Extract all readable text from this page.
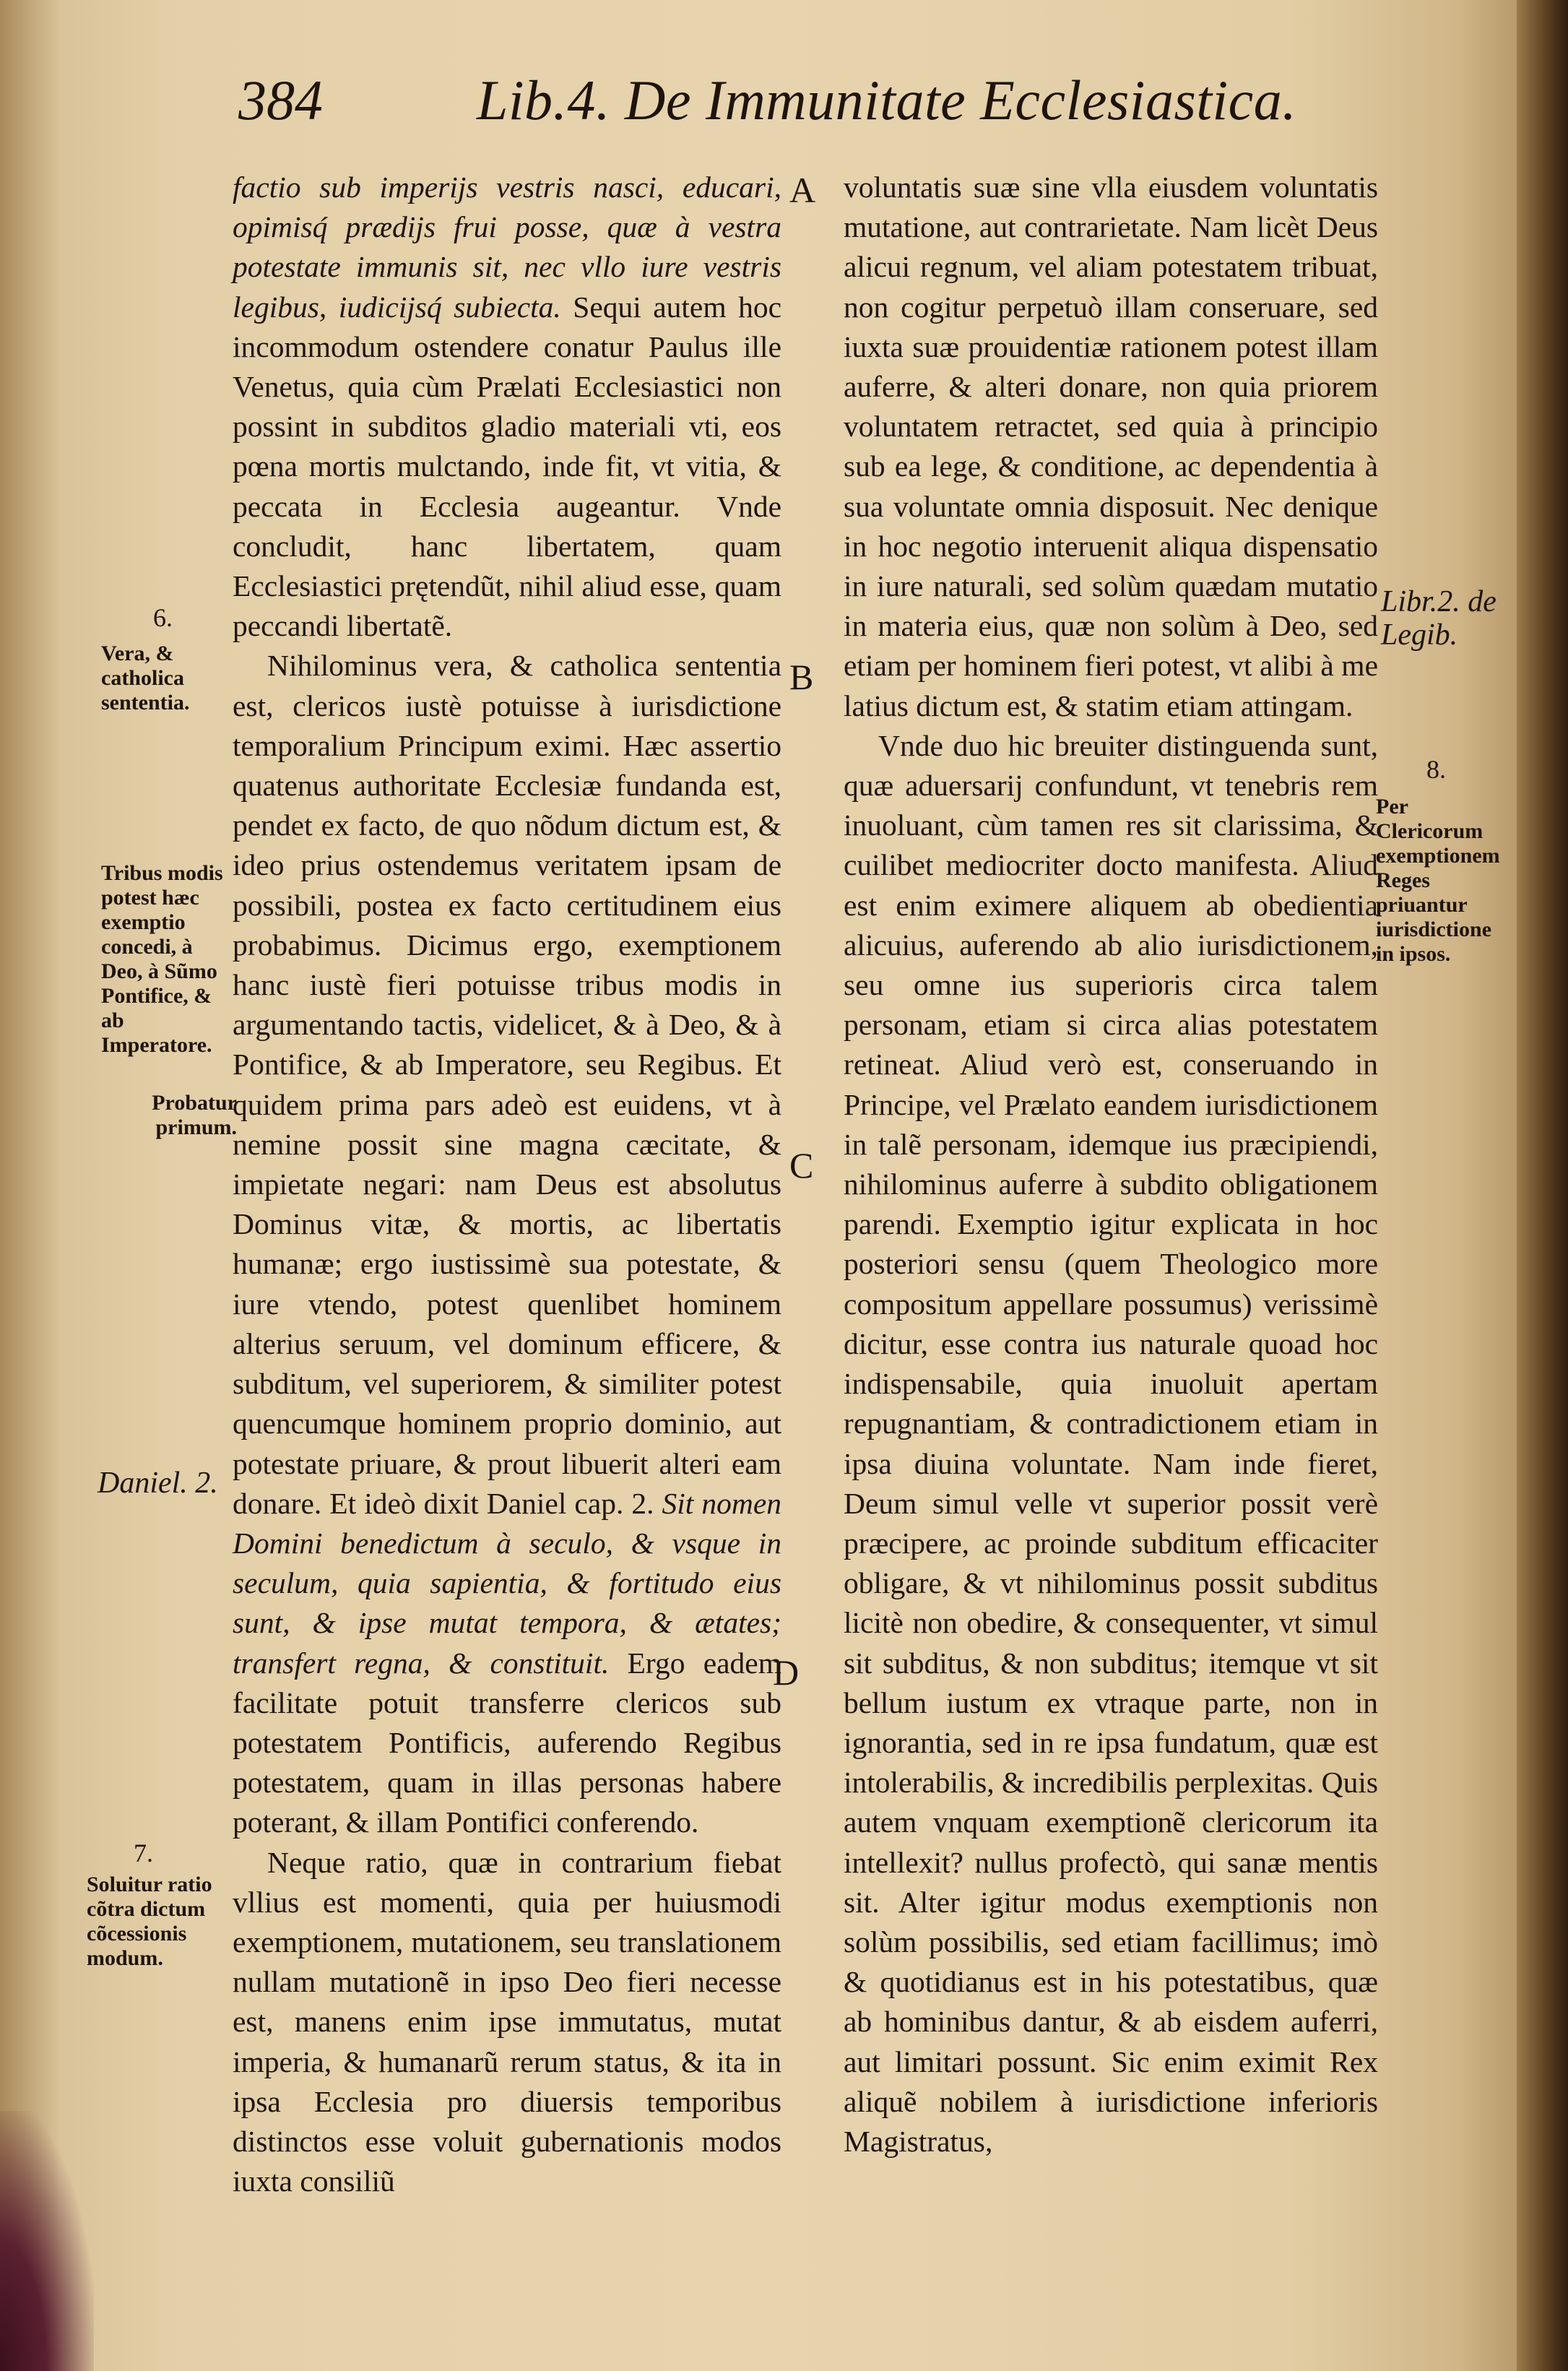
384	Lib.4. De Immunitate Ecclesiastica.
A
B
C
D
6.
Vera, & catholica sententia.
Tribus modis potest hæc exemptio concedi, à Deo, à Sũmo Pontifice, & ab Imperatore.
Probatur primum.
Daniel. 2.
7.
Soluitur ratio cõtra dictum cõcessionis modum.
Libr.2. de Legib.
8.
Per Clericorum exemptionem Reges priuantur iurisdictione in ipsos.

factio sub imperijs vestris nasci, educari, opimisq́ prædijs frui posse, quæ à vestra potestate immunis sit, nec vllo iure vestris legibus, iudicijsq́ subiecta. Sequi autem hoc incommodum ostendere conatur Paulus ille Venetus, quia cùm Prælati Ecclesiastici non possint in subditos gladio materiali vti, eos pœna mortis mulctando, inde fit, vt vitia, & peccata in Ecclesia augeantur. Vnde concludit, hanc libertatem, quam Ecclesiastici prętendũt, nihil aliud esse, quam peccandi libertatẽ.

Nihilominus vera, & catholica sententia est, clericos iustè potuisse à iurisdictione temporalium Principum eximi. Hæc assertio quatenus authoritate Ecclesiæ fundanda est, pendet ex facto, de quo nõdum dictum est, & ideo prius ostendemus veritatem ipsam de possibili, postea ex facto certitudinem eius probabimus. Dicimus ergo, exemptionem hanc iustè fieri potuisse tribus modis in argumentando tactis, videlicet, & à Deo, & à Pontifice, & ab Imperatore, seu Regibus. Et quidem prima pars adeò est euidens, vt à nemine possit sine magna cæcitate, & impietate negari: nam Deus est absolutus Dominus vitæ, & mortis, ac libertatis humanæ; ergo iustissimè sua potestate, & iure vtendo, potest quenlibet hominem alterius seruum, vel dominum efficere, & subditum, vel superiorem, & similiter potest quencumque hominem proprio dominio, aut potestate priuare, & prout libuerit alteri eam donare. Et ideò dixit Daniel cap. 2. Sit nomen Domini benedictum à seculo, & vsque in seculum, quia sapientia, & fortitudo eius sunt, & ipse mutat tempora, & ætates; transfert regna, & constituit. Ergo eadem facilitate potuit transferre clericos sub potestatem Pontificis, auferendo Regibus potestatem, quam in illas personas habere poterant, & illam Pontifici conferendo.

Neque ratio, quæ in contrarium fiebat vllius est momenti, quia per huiusmodi exemptionem, mutationem, seu translationem nullam mutationẽ in ipso Deo fieri necesse est, manens enim ipse immutatus, mutat imperia, & humanarũ rerum status, & ita in ipsa Ecclesia pro diuersis temporibus distinctos esse voluit gubernationis modos iuxta consiliũ

voluntatis suæ sine vlla eiusdem voluntatis mutatione, aut contrarietate. Nam licèt Deus alicui regnum, vel aliam potestatem tribuat, non cogitur perpetuò illam conseruare, sed iuxta suæ prouidentiæ rationem potest illam auferre, & alteri donare, non quia priorem voluntatem retractet, sed quia à principio sub ea lege, & conditione, ac dependentia à sua voluntate omnia disposuit. Nec denique in hoc negotio interuenit aliqua dispensatio in iure naturali, sed solùm quædam mutatio in materia eius, quæ non solùm à Deo, sed etiam per hominem fieri potest, vt alibi à me latius dictum est, & statim etiam attingam.

Vnde duo hic breuiter distinguenda sunt, quæ aduersarij confundunt, vt tenebris rem inuoluant, cùm tamen res sit clarissima, & cuilibet mediocriter docto manifesta. Aliud est enim eximere aliquem ab obedientia alicuius, auferendo ab alio iurisdictionem, seu omne ius superioris circa talem personam, etiam si circa alias potestatem retineat. Aliud verò est, conseruando in Principe, vel Prælato eandem iurisdictionem in talẽ personam, idemque ius præcipiendi, nihilominus auferre à subdito obligationem parendi. Exemptio igitur explicata in hoc posteriori sensu (quem Theologico more compositum appellare possumus) verissimè dicitur, esse contra ius naturale quoad hoc indispensabile, quia inuoluit apertam repugnantiam, & contradictionem etiam in ipsa diuina voluntate. Nam inde fieret, Deum simul velle vt superior possit verè præcipere, ac proinde subditum efficaciter obligare, & vt nihilominus possit subditus licitè non obedire, & consequenter, vt simul sit subditus, & non subditus; itemque vt sit bellum iustum ex vtraque parte, non in ignorantia, sed in re ipsa fundatum, quæ est intolerabilis, & incredibilis perplexitas. Quis autem vnquam exemptionẽ clericorum ita intellexit? nullus profectò, qui sanæ mentis sit. Alter igitur modus exemptionis non solùm possibilis, sed etiam facillimus; imò & quotidianus est in his potestatibus, quæ ab hominibus dantur, & ab eisdem auferri, aut limitari possunt. Sic enim eximit Rex aliquẽ nobilem à iurisdictione inferioris Magistratus,
